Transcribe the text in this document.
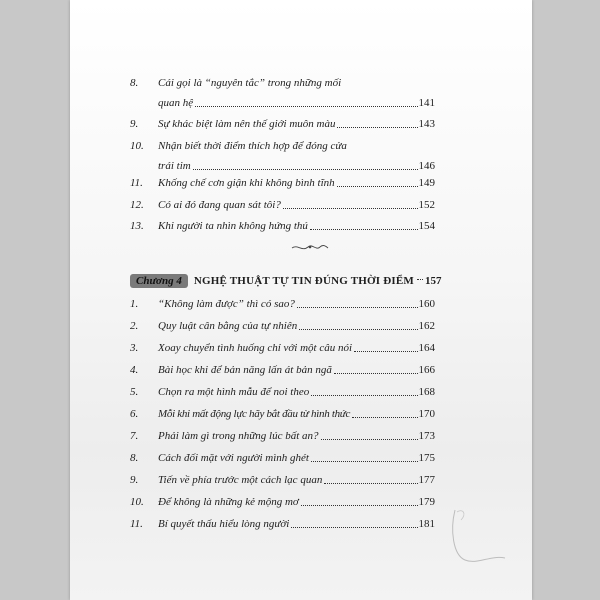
8.	Cái gọi là “nguyên tắc” trong những mối
quan hệ	141
9.	Sự khác biệt làm nên thế giới muôn màu	143
10.	Nhận biết thời điểm thích hợp để đóng cửa
trái tim	146
11.	Khống chế cơn giận khi không bình tĩnh	149
12.	Có ai đó đang quan sát tôi?	152
13.	Khi người ta nhìn không hứng thú	154
Chương 4	NGHỆ THUẬT TỰ TIN ĐÚNG THỜI ĐIỂM 157
1.	“Không làm được” thì có sao?	160
2.	Quy luật cân bằng của tự nhiên	162
3.	Xoay chuyển tình huống chỉ với một câu nói	164
4.	Bài học khi để bản năng lấn át bản ngã	166
5.	Chọn ra một hình mẫu để noi theo	168
6.	Mỗi khi mất động lực hãy bắt đầu từ hình thức	170
7.	Phải làm gì trong những lúc bất an?	173
8.	Cách đối mặt với người mình ghét	175
9.	Tiến về phía trước một cách lạc quan	177
10.	Để không là những kẻ mộng mơ	179
11.	Bí quyết thấu hiểu lòng người	181
